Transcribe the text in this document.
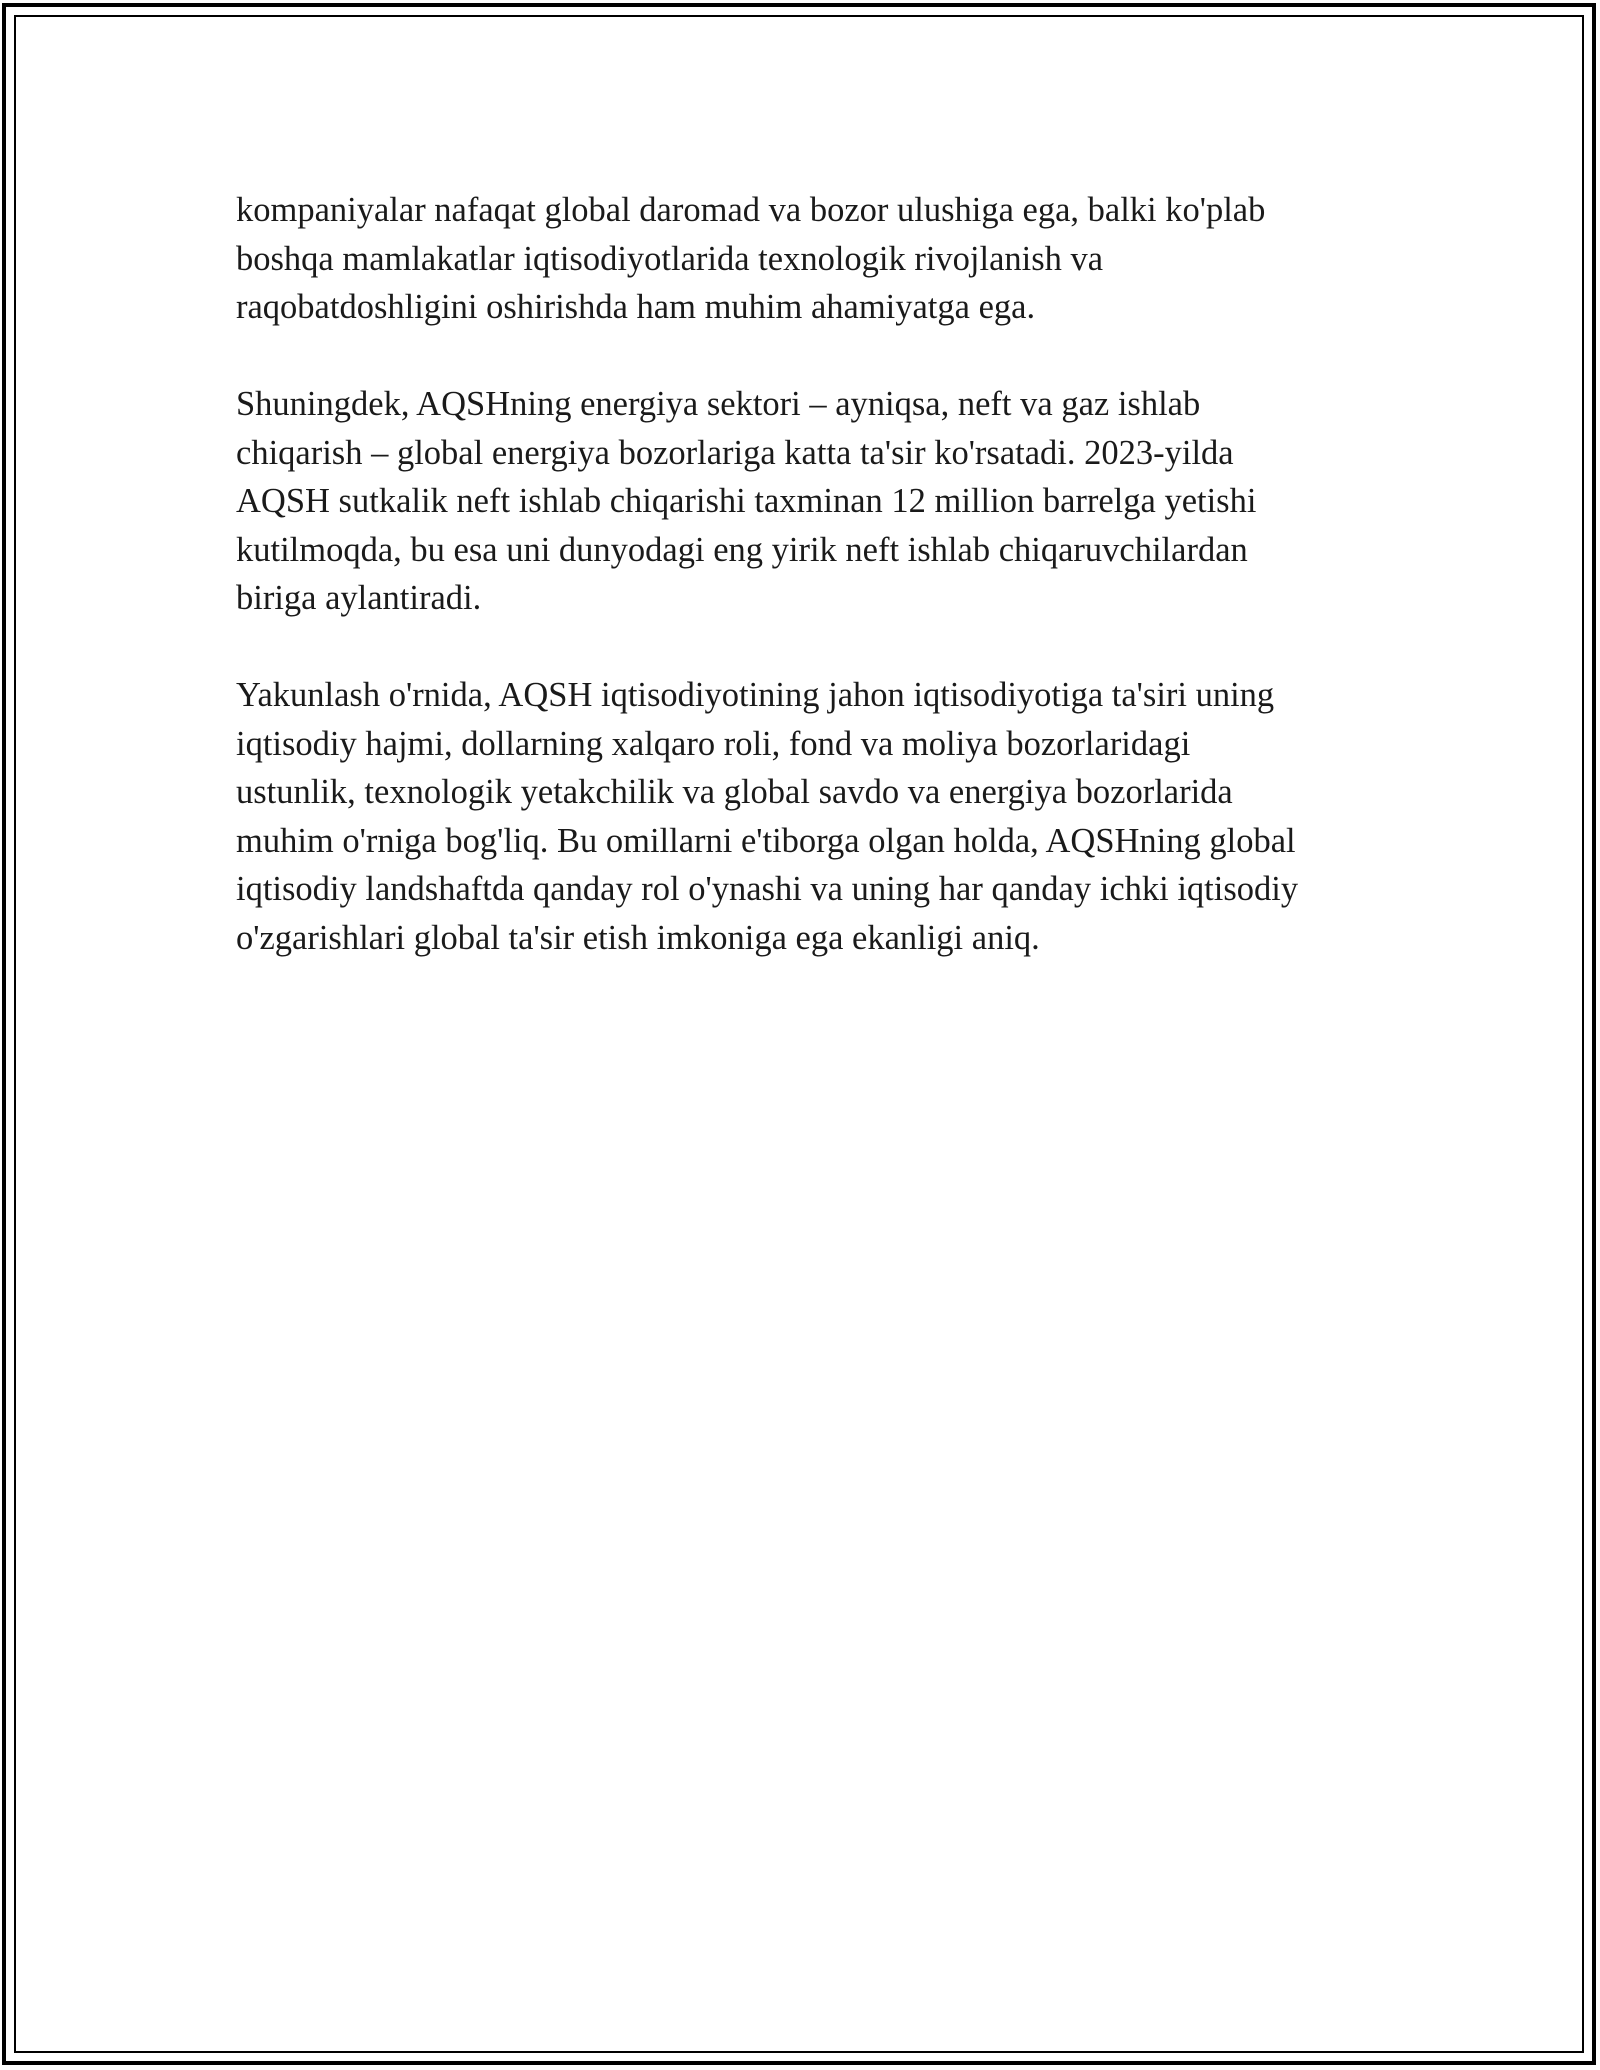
kompaniyalar nafaqat global daromad va bozor ulushiga ega, balki ko'plab
boshqa mamlakatlar iqtisodiyotlarida texnologik rivojlanish va
raqobatdoshligini oshirishda ham muhim ahamiyatga ega.

Shuningdek, AQSHning energiya sektori – ayniqsa, neft va gaz ishlab
chiqarish – global energiya bozorlariga katta ta'sir ko'rsatadi. 2023-yilda
AQSH sutkalik neft ishlab chiqarishi taxminan 12 million barrelga yetishi
kutilmoqda, bu esa uni dunyodagi eng yirik neft ishlab chiqaruvchilardan
biriga aylantiradi.

Yakunlash o'rnida, AQSH iqtisodiyotining jahon iqtisodiyotiga ta'siri uning
iqtisodiy hajmi, dollarning xalqaro roli, fond va moliya bozorlaridagi
ustunlik, texnologik yetakchilik va global savdo va energiya bozorlarida
muhim o'rniga bog'liq. Bu omillarni e'tiborga olgan holda, AQSHning global
iqtisodiy landshaftda qanday rol o'ynashi va uning har qanday ichki iqtisodiy
o'zgarishlari global ta'sir etish imkoniga ega ekanligi aniq.
